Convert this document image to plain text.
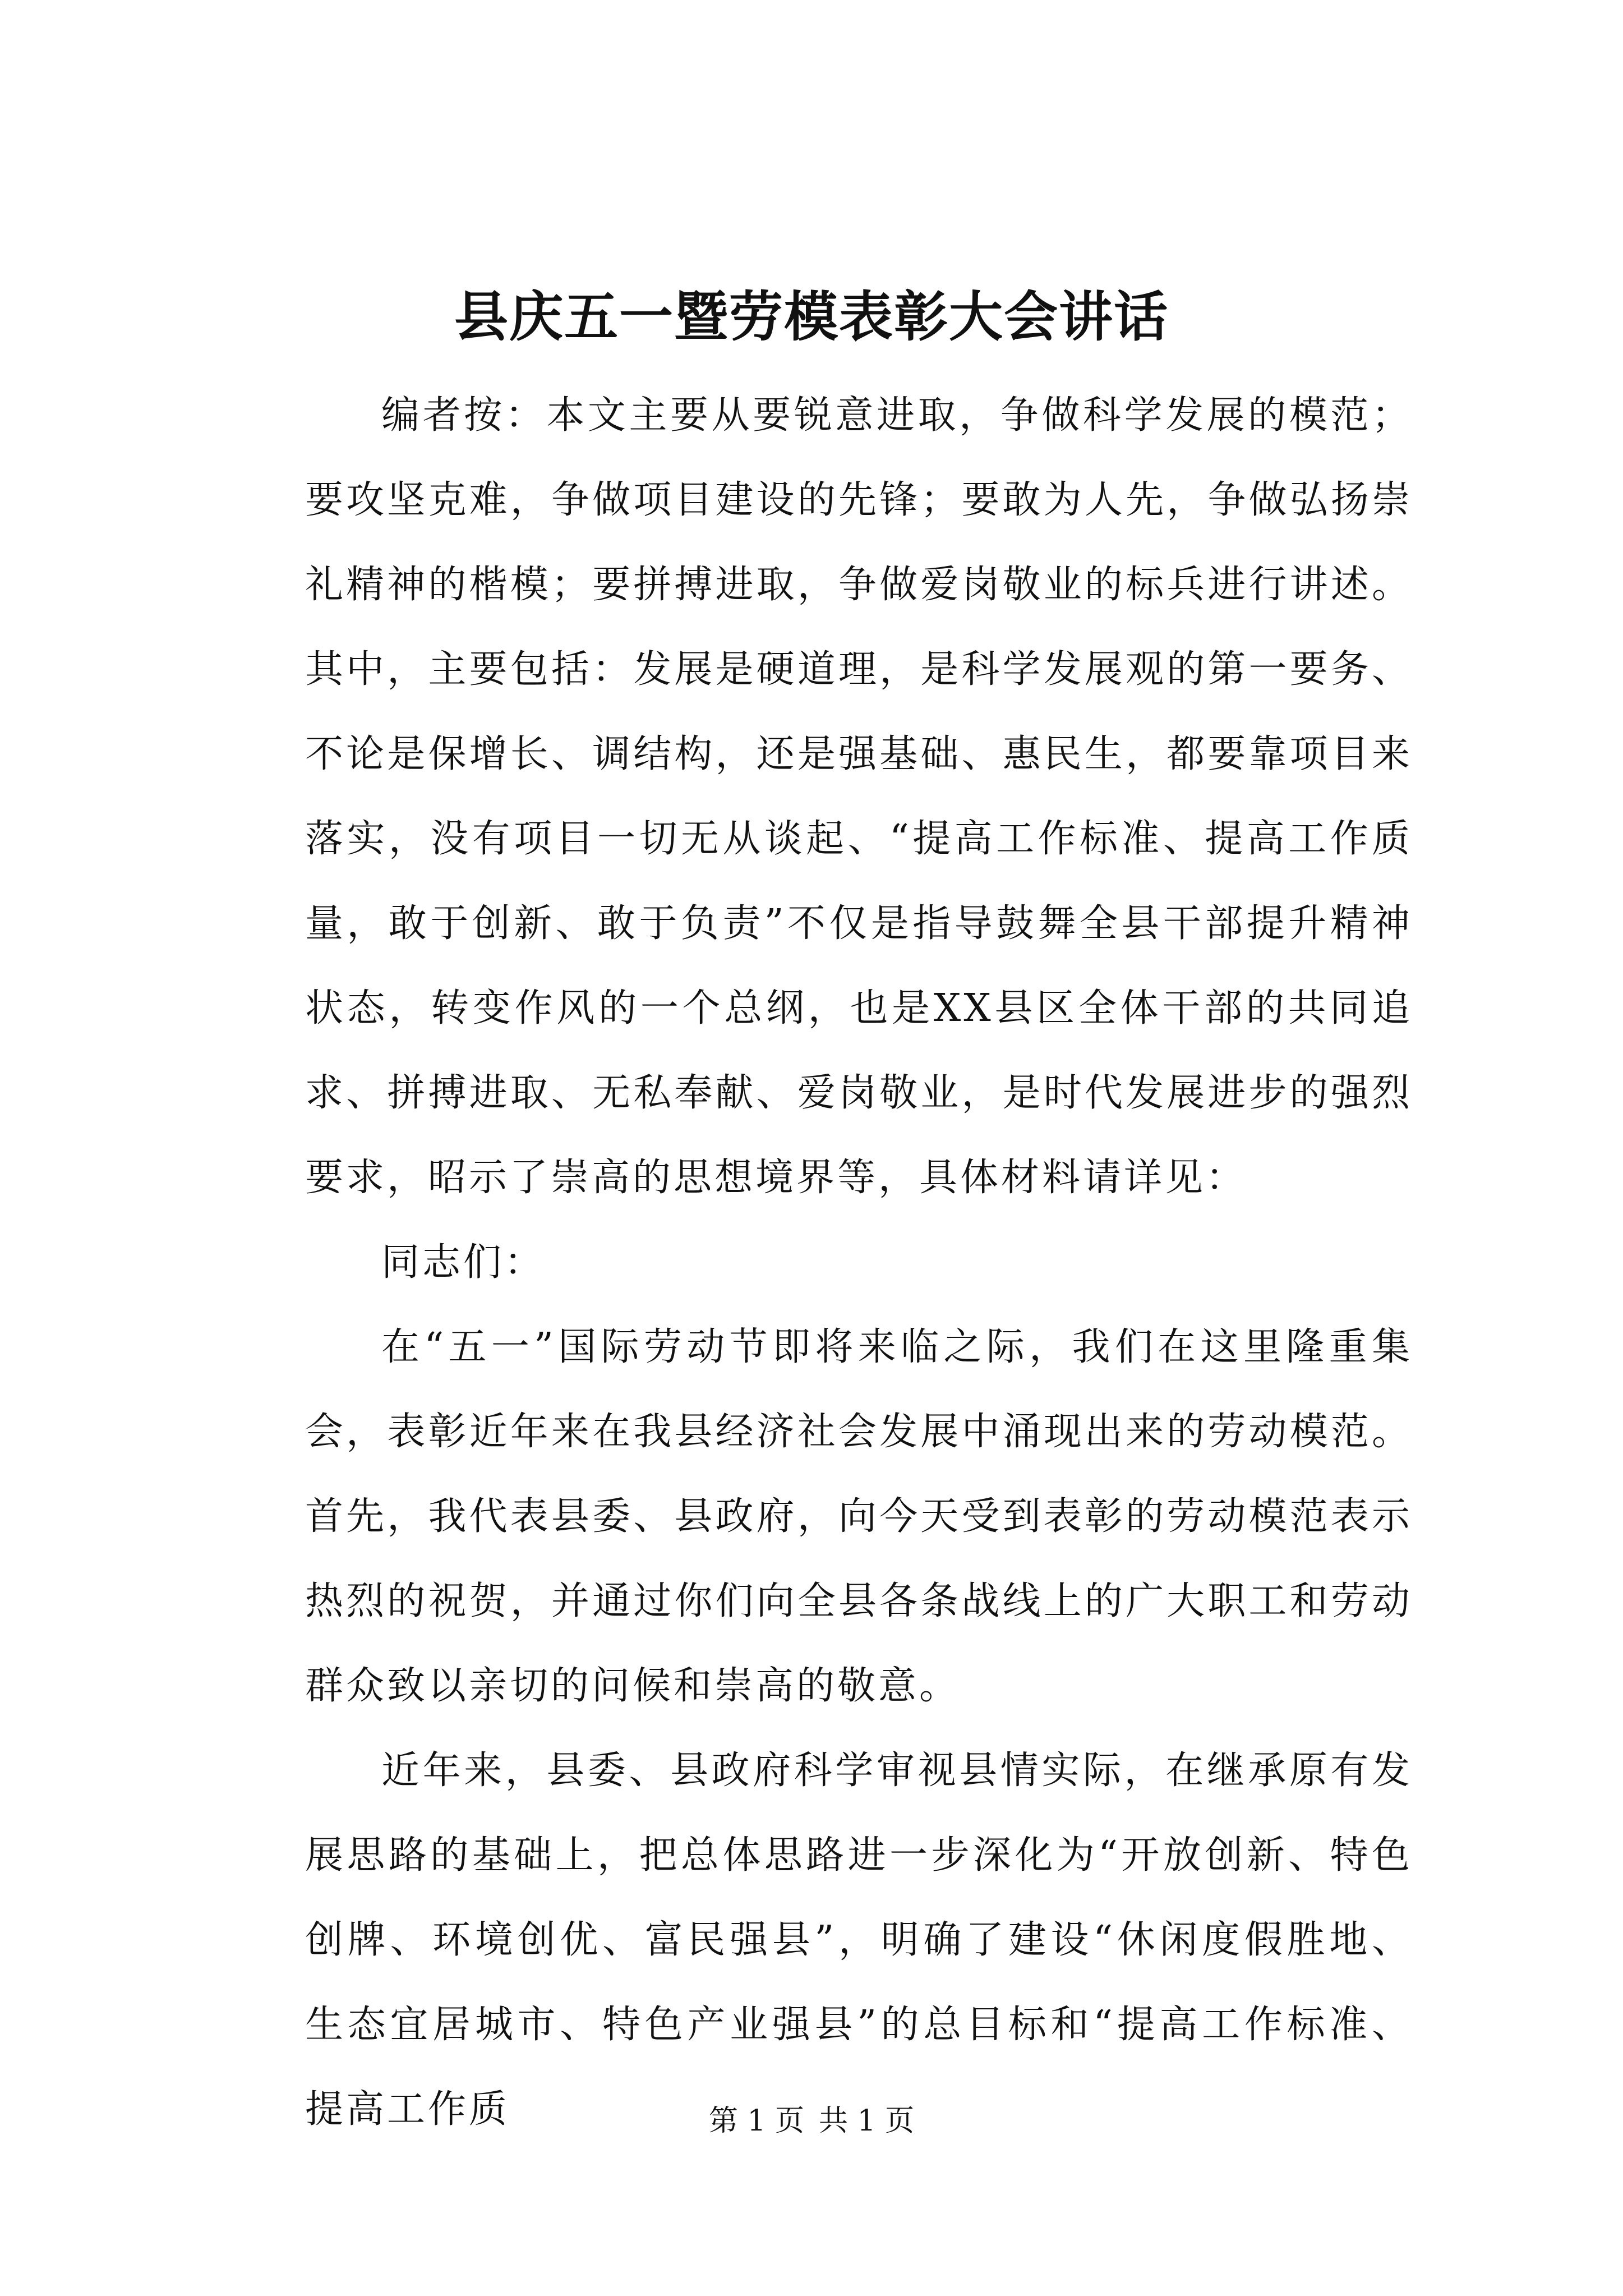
县庆五一暨劳模表彰大会讲话

编者按：本文主要从要锐意进取，争做科学发展的模范；要攻坚克难，争做项目建设的先锋；要敢为人先，争做弘扬崇礼精神的楷模；要拼搏进取，争做爱岗敬业的标兵进行讲述。其中，主要包括：发展是硬道理，是科学发展观的第一要务、不论是保增长、调结构，还是强基础、惠民生，都要靠项目来落实，没有项目一切无从谈起、“提高工作标准、提高工作质量，敢于创新、敢于负责”不仅是指导鼓舞全县干部提升精神状态，转变作风的一个总纲，也是XX县区全体干部的共同追求、拼搏进取、无私奉献、爱岗敬业，是时代发展进步的强烈要求，昭示了崇高的思想境界等，具体材料请详见：

同志们：

在“五一”国际劳动节即将来临之际，我们在这里隆重集会，表彰近年来在我县经济社会发展中涌现出来的劳动模范。首先，我代表县委、县政府，向今天受到表彰的劳动模范表示热烈的祝贺，并通过你们向全县各条战线上的广大职工和劳动群众致以亲切的问候和崇高的敬意。

近年来，县委、县政府科学审视县情实际，在继承原有发展思路的基础上，把总体思路进一步深化为“开放创新、特色创牌、环境创优、富民强县”，明确了建设“休闲度假胜地、生态宜居城市、特色产业强县”的总目标和“提高工作标准、提高工作质	第 1 页 共 1 页
